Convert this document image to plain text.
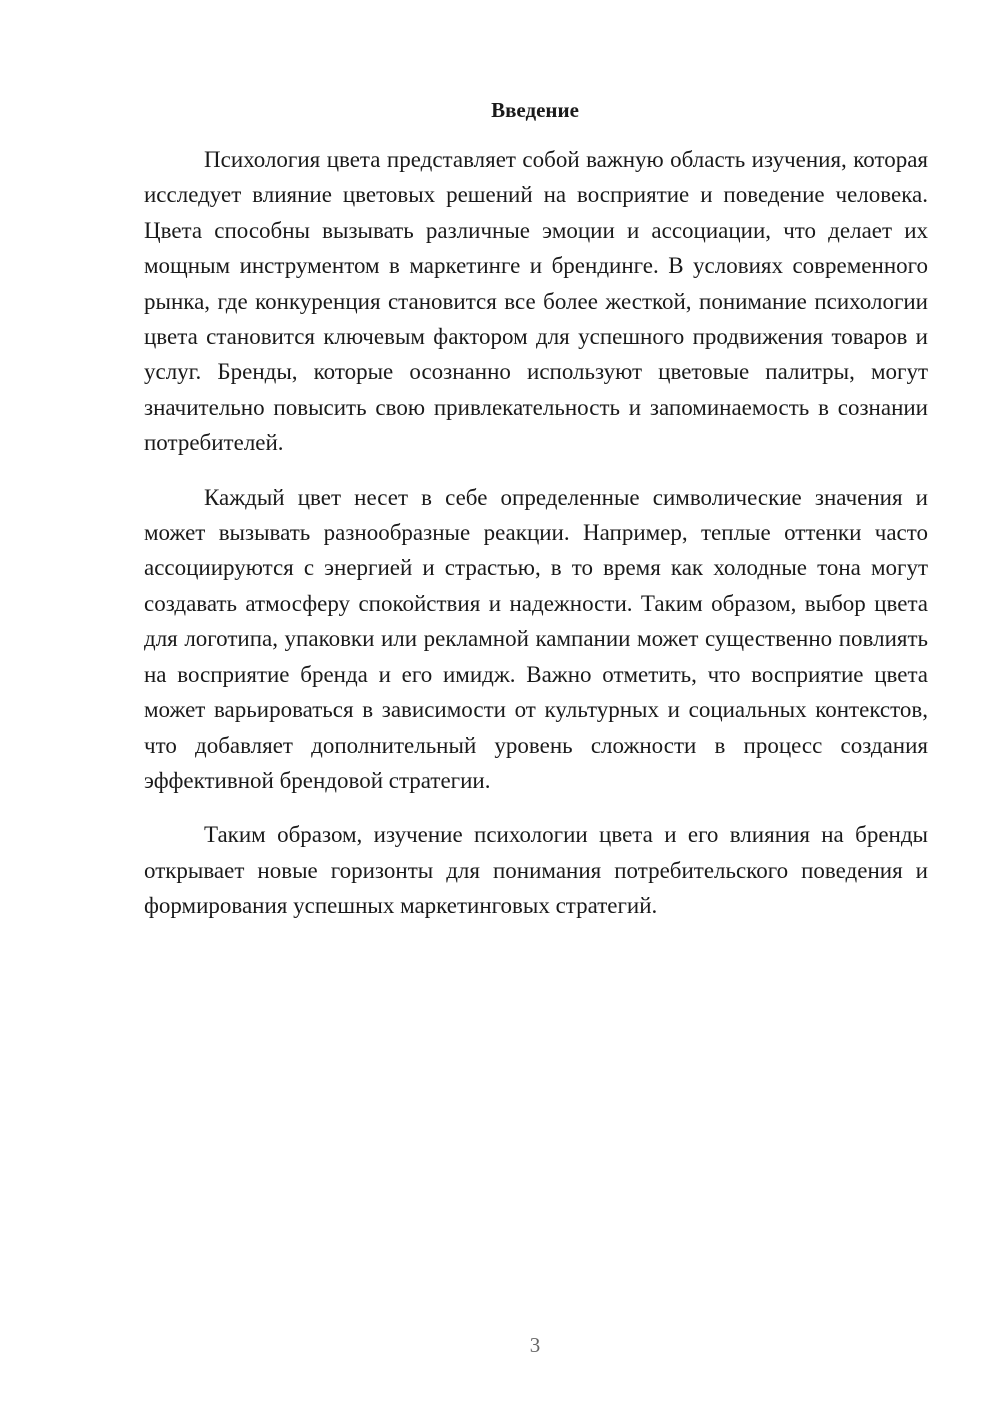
Введение

Психология цвета представляет собой важную область изучения, которая исследует влияние цветовых решений на восприятие и поведение человека. Цвета способны вызывать различные эмоции и ассоциации, что делает их мощным инструментом в маркетинге и брендинге. В условиях современного рынка, где конкуренция становится все более жесткой, понимание психологии цвета становится ключевым фактором для успешного продвижения товаров и услуг. Бренды, которые осознанно используют цветовые палитры, могут значительно повысить свою привлекательность и запоминаемость в сознании потребителей.

Каждый цвет несет в себе определенные символические значения и может вызывать разнообразные реакции. Например, теплые оттенки часто ассоциируются с энергией и страстью, в то время как холодные тона могут создавать атмосферу спокойствия и надежности. Таким образом, выбор цвета для логотипа, упаковки или рекламной кампании может существенно повлиять на восприятие бренда и его имидж. Важно отметить, что восприятие цвета может варьироваться в зависимости от культурных и социальных контекстов, что добавляет дополнительный уровень сложности в процесс создания эффективной брендовой стратегии.

Таким образом, изучение психологии цвета и его влияния на бренды открывает новые горизонты для понимания потребительского поведения и формирования успешных маркетинговых стратегий.

3
